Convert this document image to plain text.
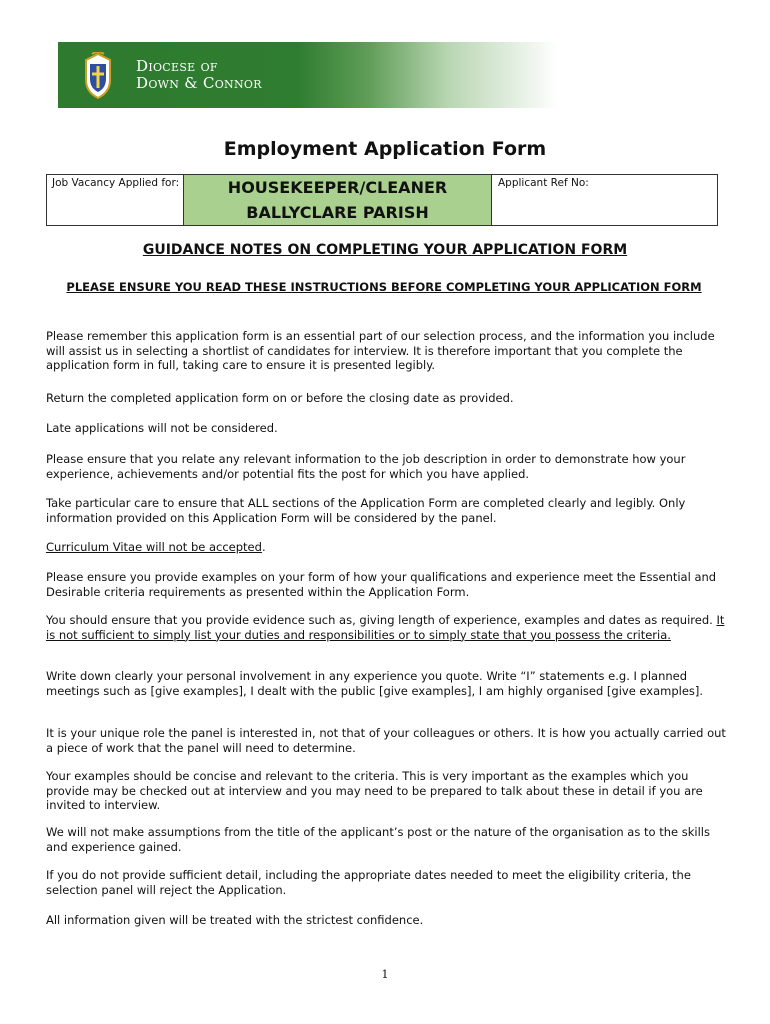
Diocese of
Down & Connor
Employment Application Form
Job Vacancy Applied for:	HOUSEKEEPER/CLEANER
BALLYCLARE PARISH
Applicant Ref No:
GUIDANCE NOTES ON COMPLETING YOUR APPLICATION FORM
PLEASE ENSURE YOU READ THESE INSTRUCTIONS BEFORE COMPLETING YOUR APPLICATION FORM

Please remember this application form is an essential part of our selection process, and the information you include will assist us in selecting a shortlist of candidates for interview. It is therefore important that you complete the application form in full, taking care to ensure it is presented legibly.

Return the completed application form on or before the closing date as provided.

Late applications will not be considered.

Please ensure that you relate any relevant information to the job description in order to demonstrate how your experience, achievements and/or potential fits the post for which you have applied.

Take particular care to ensure that ALL sections of the Application Form are completed clearly and legibly. Only information provided on this Application Form will be considered by the panel.

Curriculum Vitae will not be accepted.

Please ensure you provide examples on your form of how your qualifications and experience meet the Essential and Desirable criteria requirements as presented within the Application Form.

You should ensure that you provide evidence such as, giving length of experience, examples and dates as required. It is not sufficient to simply list your duties and responsibilities or to simply state that you possess the criteria.

Write down clearly your personal involvement in any experience you quote. Write “I” statements e.g. I planned meetings such as [give examples], I dealt with the public [give examples], I am highly organised [give examples].

It is your unique role the panel is interested in, not that of your colleagues or others. It is how you actually carried out a piece of work that the panel will need to determine.

Your examples should be concise and relevant to the criteria. This is very important as the examples which you provide may be checked out at interview and you may need to be prepared to talk about these in detail if you are invited to interview.

We will not make assumptions from the title of the applicant’s post or the nature of the organisation as to the skills and experience gained.

If you do not provide sufficient detail, including the appropriate dates needed to meet the eligibility criteria, the selection panel will reject the Application.

All information given will be treated with the strictest confidence.

1
